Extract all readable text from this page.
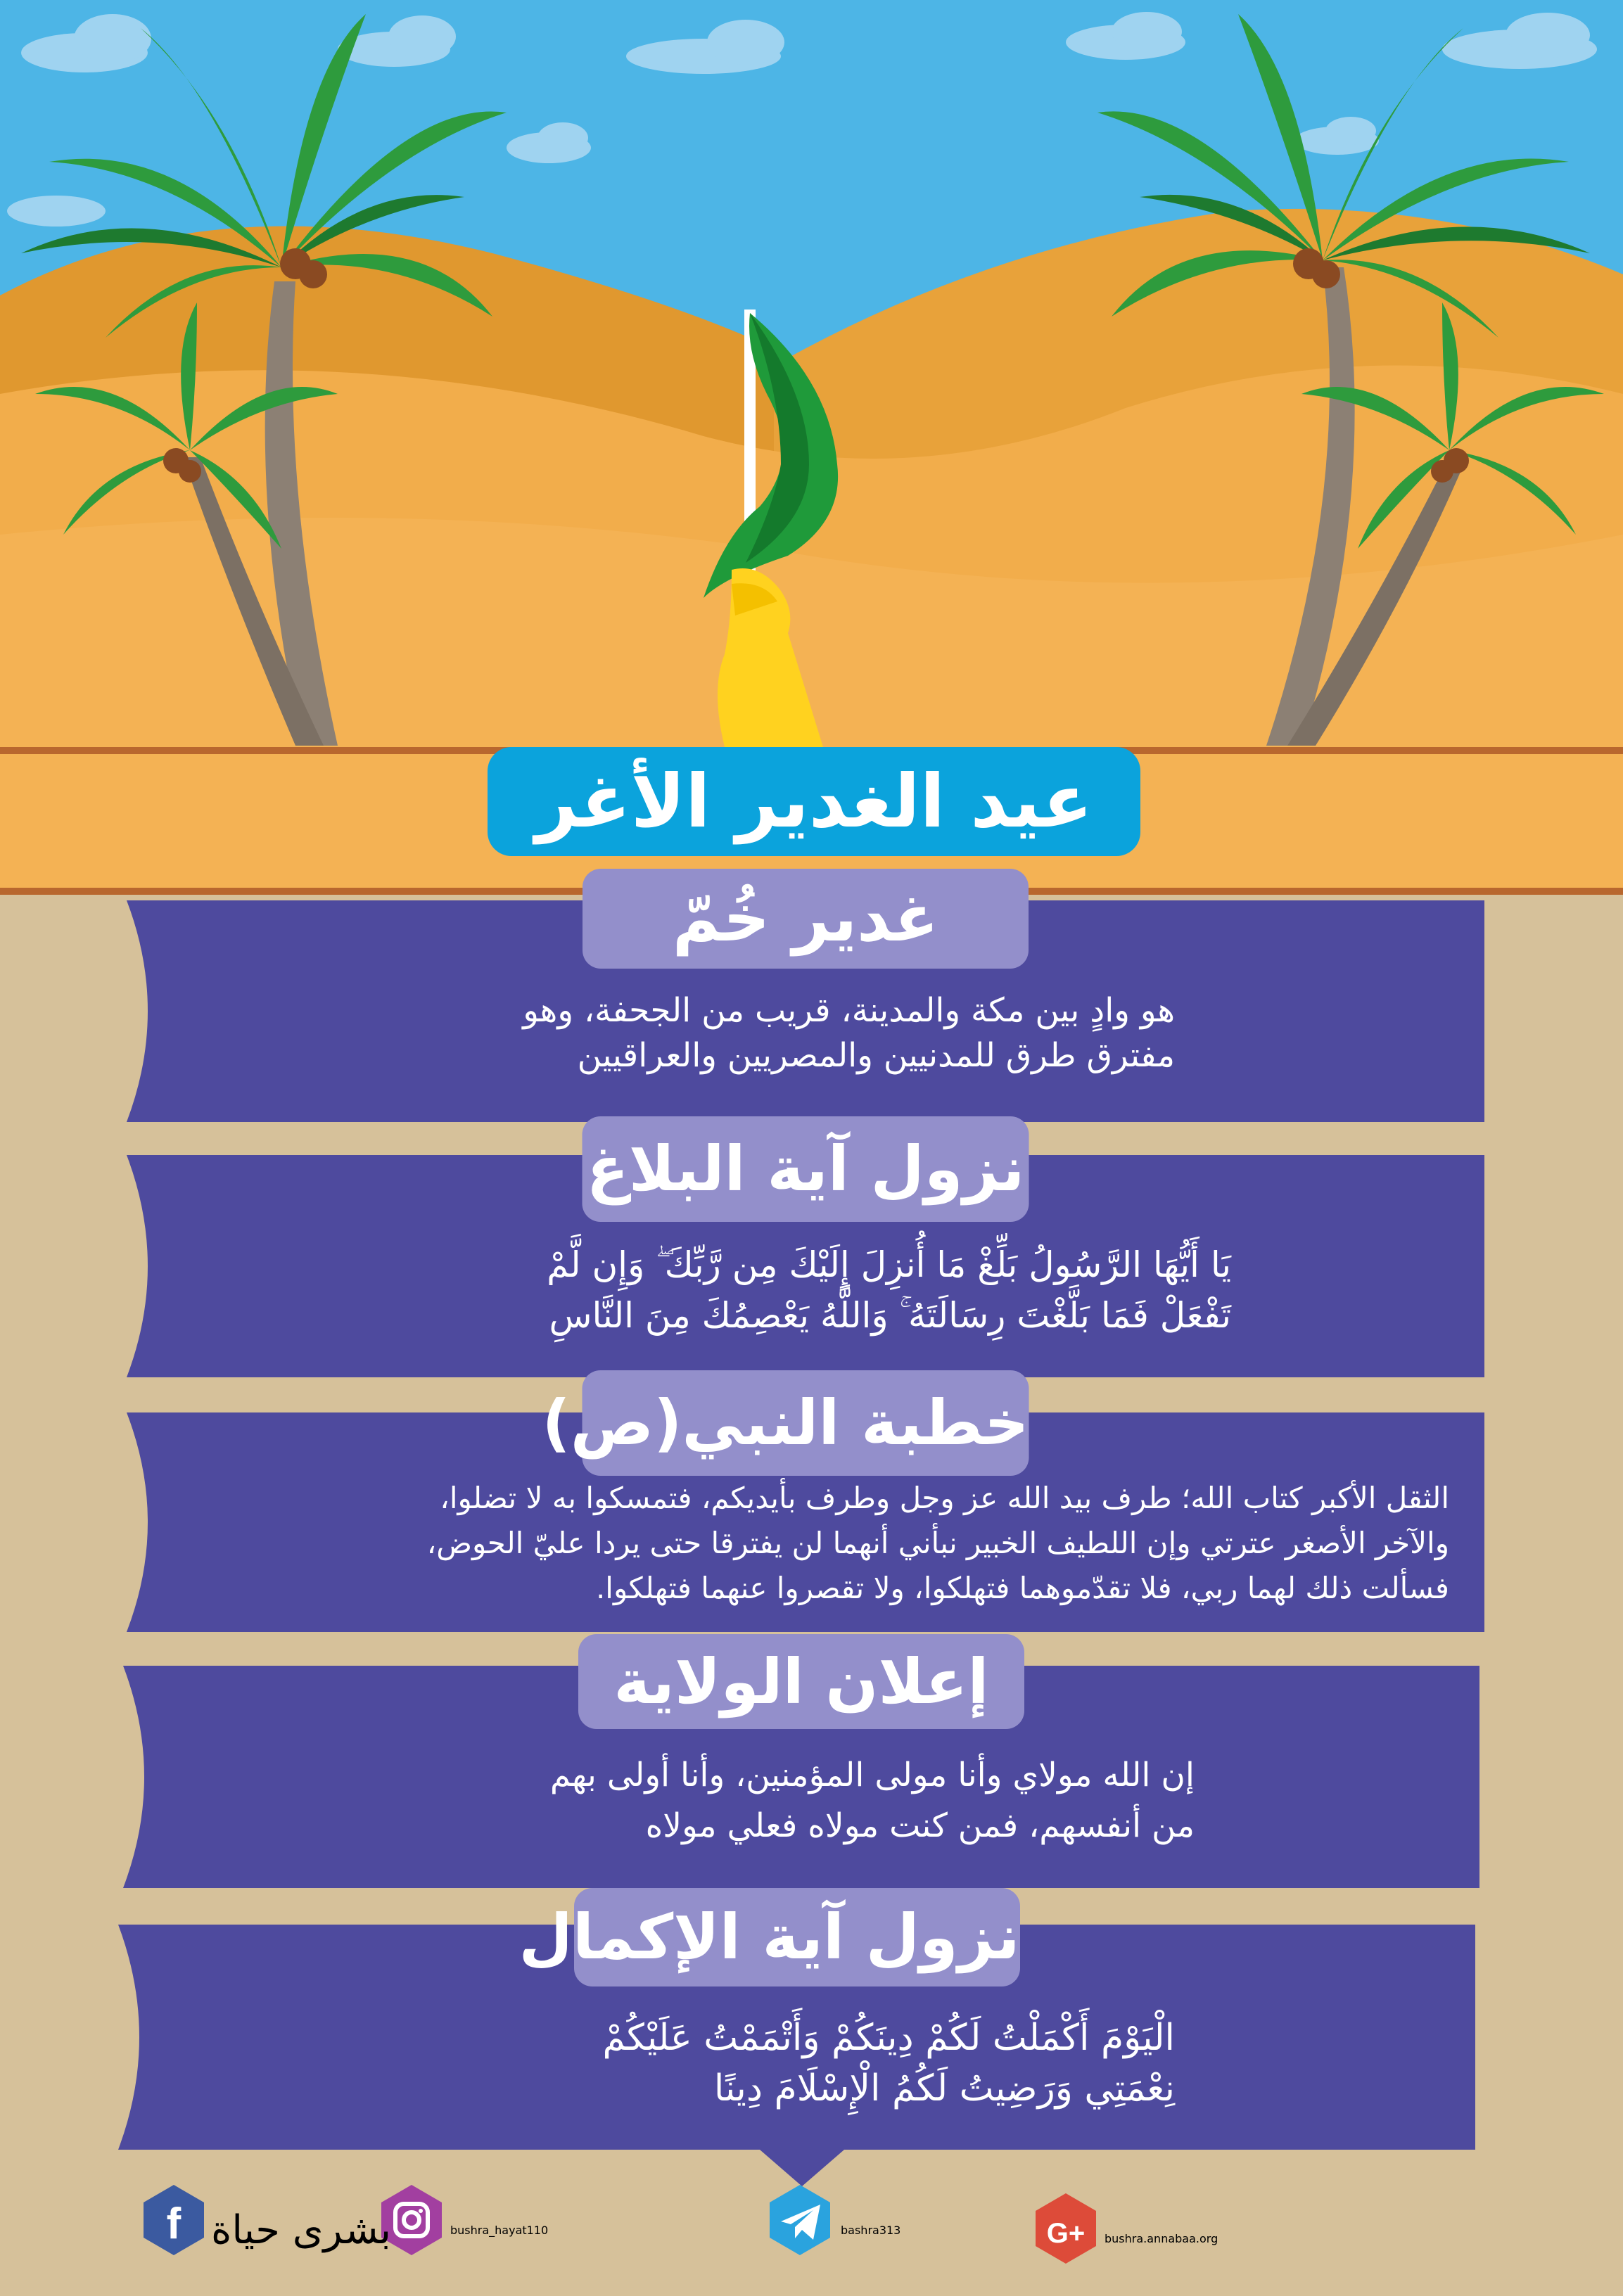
f	G+
عيد الغدير الأغر
غدير خُمّ
هو وادٍ بين مكة والمدينة، قريب من الجحفة، وهو
مفترق طرق للمدنيين والمصريين والعراقيين
نزول آية البلاغ
يَا أَيُّهَا الرَّسُولُ بَلِّغْ مَا أُنزِلَ إِلَيْكَ مِن رَّبِّكَ ۖ وَإِن لَّمْ
تَفْعَلْ فَمَا بَلَّغْتَ رِسَالَتَهُ ۚ وَاللَّهُ يَعْصِمُكَ مِنَ النَّاسِ
خطبة النبي(ص)
الثقل الأكبر كتاب الله؛ طرف بيد الله عز وجل وطرف بأيديكم، فتمسكوا به لا تضلوا،
والآخر الأصغر عترتي وإن اللطيف الخبير نبأني أنهما لن يفترقا حتى يردا عليّ الحوض،
فسألت ذلك لهما ربي، فلا تقدّموهما فتهلكوا، ولا تقصروا عنهما فتهلكوا.
إعلان الولاية
إن الله مولاي وأنا مولى المؤمنين، وأنا أولى بهم
من أنفسهم، فمن كنت مولاه فعلي مولاه
نزول آية الإكمال
الْيَوْمَ أَكْمَلْتُ لَكُمْ دِينَكُمْ وَأَتْمَمْتُ عَلَيْكُمْ
نِعْمَتِي وَرَضِيتُ لَكُمُ الْإِسْلَامَ دِينًا
بشرى حياة	bushra_hayat110	bashra313
bushra.annabaa.org
